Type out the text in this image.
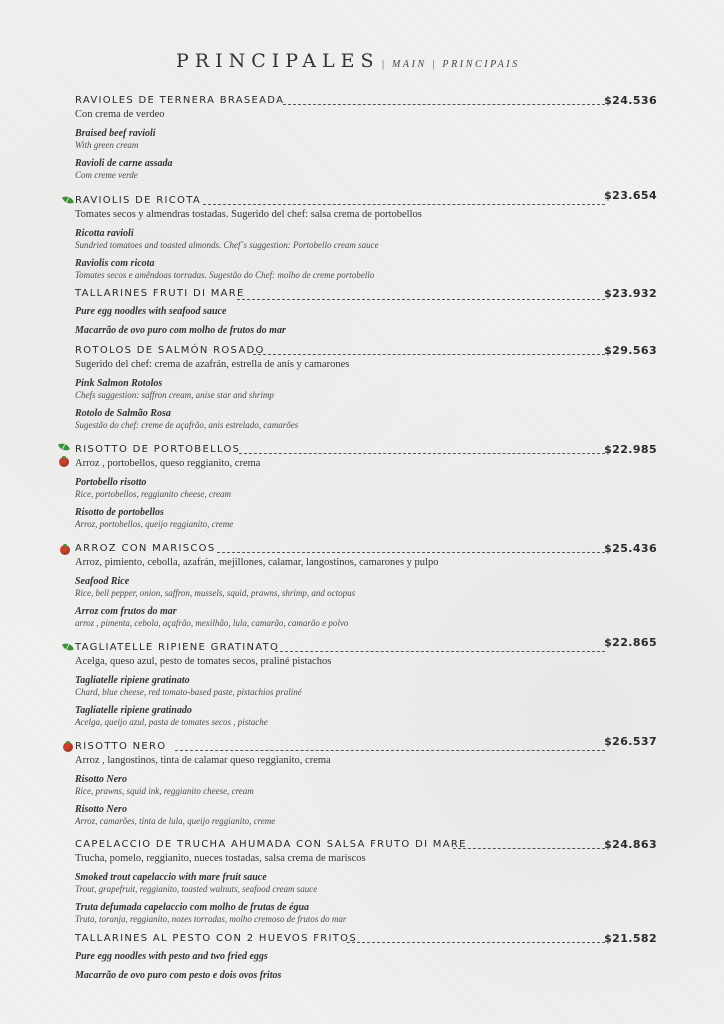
PRINCIPALES | MAIN | PRINCIPAIS
RAVIOLES DE TERNERA BRASEADA	$24.536
Con crema de verdeo
Braised beef ravioli
With green cream
Ravioli de carne assada
Com creme verde
RAVIOLIS DE RICOTA	$23.654
Tomates secos y almendras tostadas. Sugerido del chef: salsa crema de portobellos
Ricotta ravioli
Sundried tomatoes and toasted almonds. Chef´s suggestion: Portobello cream sauce
Raviolis com ricota
Tomates secos e amêndoas torradas. Sugestão do Chef: molho de creme portobello
TALLARINES FRUTI DI MARE	$23.932
Pure egg noodles with seafood sauce
Macarrão de ovo puro com molho de frutos do mar
ROTOLOS DE SALMÓN ROSADO	$29.563
Sugerido del chef: crema de azafrán, estrella de anís y camarones
Pink Salmon Rotolos
Chefs suggestion: saffron cream, anise star and shrimp
Rotolo de Salmão Rosa
Sugestão do chef: creme de açafrão, anis estrelado, camarões
RISOTTO DE PORTOBELLOS	$22.985
Arroz , portobellos, queso reggianito, crema
Portobello risotto
Rice, portobellos, reggianito cheese, cream
Risotto de portobellos
Arroz, portobellos, queijo reggianito, creme
ARROZ CON MARISCOS	$25.436
Arroz, pimiento, cebolla, azafrán, mejillones, calamar, langostinos, camarones y pulpo
Seafood Rice
Rice, bell pepper, onion, saffron, mussels, squid, prawns, shrimp, and octopus
Arroz com frutos do mar
arroz , pimenta, cebola, açafrão, mexilhão, lula, camarão, camarão e polvo
TAGLIATELLE RIPIENE GRATINATO	$22.865
Acelga, queso azul, pesto de tomates secos, praliné pistachos
Tagliatelle ripiene gratinato
Chard, blue cheese, red tomato-based paste, pistachios praliné
Tagliatelle ripiene gratinado
Acelga, queijo azul, pasta de tomates secos , pistache
RISOTTO NERO	$26.537
Arroz , langostinos, tinta de calamar queso reggianito, crema
Risotto Nero
Rice, prawns, squid ink, reggianito cheese, cream
Risotto Nero
Arroz, camarões, tinta de lula, queijo reggianito, creme
CAPELACCIO DE TRUCHA AHUMADA CON SALSA FRUTO DI MARE	$24.863
Trucha, pomelo, reggianito, nueces tostadas, salsa crema de mariscos
Smoked trout capelaccio with mare fruit sauce
Trout, grapefruit, reggianito, toasted walnuts, seafood cream sauce
Truta defumada capelaccio com molho de frutas de égua
Truta, toranja, reggianito, nozes torradas, molho cremoso de frutos do mar
TALLARINES AL PESTO CON 2 HUEVOS FRITOS	$21.582
Pure egg noodles with pesto and two fried eggs
Macarrão de ovo puro com pesto e dois ovos fritos
